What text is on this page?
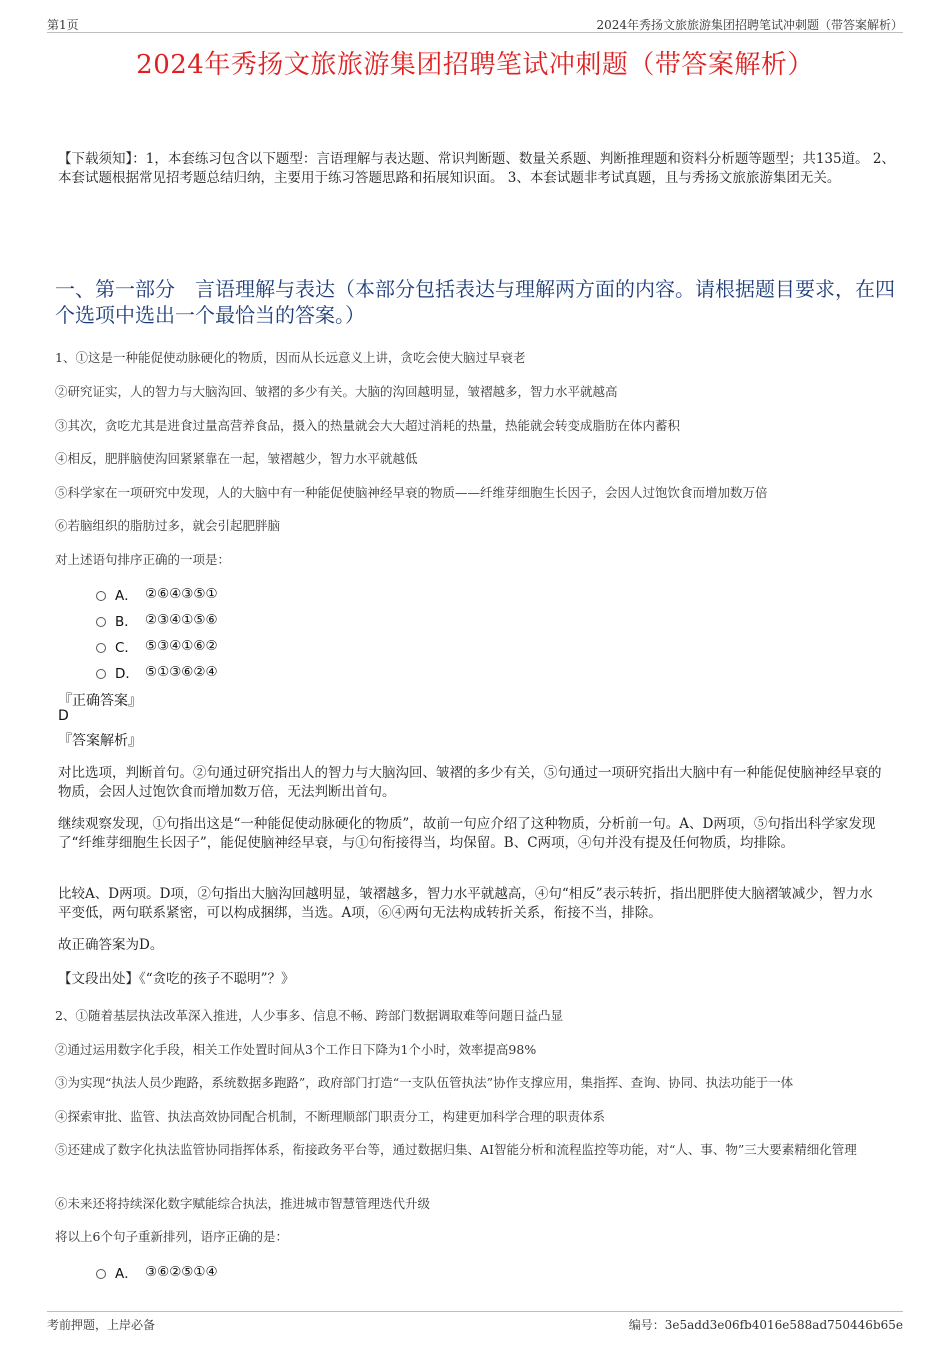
第1页	2024年秀扬文旅旅游集团招聘笔试冲刺题（带答案解析）
2024年秀扬文旅旅游集团招聘笔试冲刺题（带答案解析）
【下载须知】：1，本套练习包含以下题型：言语理解与表达题、常识判断题、数量关系题、判断推理题和资料分析题等题型；共135道。 2、本套试题根据常见招考题总结归纳，主要用于练习答题思路和拓展知识面。 3、本套试题非考试真题，且与秀扬文旅旅游集团无关。
一、第一部分　言语理解与表达（本部分包括表达与理解两方面的内容。请根据题目要求，在四个选项中选出一个最恰当的答案。）
1、①这是一种能促使动脉硬化的物质，因而从长远意义上讲，贪吃会使大脑过早衰老
②研究证实，人的智力与大脑沟回、皱褶的多少有关。大脑的沟回越明显，皱褶越多，智力水平就越高
③其次，贪吃尤其是进食过量高营养食品，摄入的热量就会大大超过消耗的热量，热能就会转变成脂肪在体内蓄积
④相反，肥胖脑使沟回紧紧靠在一起，皱褶越少，智力水平就越低
⑤科学家在一项研究中发现，人的大脑中有一种能促使脑神经早衰的物质——纤维芽细胞生长因子，会因人过饱饮食而增加数万倍
⑥若脑组织的脂肪过多，就会引起肥胖脑
对上述语句排序正确的一项是：
A． ②⑥④③⑤①
B． ②③④①⑤⑥
C． ⑤③④①⑥②
D． ⑤①③⑥②④
『正确答案』
D
『答案解析』
对比选项，判断首句。②句通过研究指出人的智力与大脑沟回、皱褶的多少有关，⑤句通过一项研究指出大脑中有一种能促使脑神经早衰的物质，会因人过饱饮食而增加数万倍，无法判断出首句。
继续观察发现，①句指出这是“一种能促使动脉硬化的物质”，故前一句应介绍了这种物质，分析前一句。A、D两项，⑤句指出科学家发现了“纤维芽细胞生长因子”，能促使脑神经早衰，与①句衔接得当，均保留。B、C两项，④句并没有提及任何物质，均排除。
比较A、D两项。D项，②句指出大脑沟回越明显，皱褶越多，智力水平就越高，④句“相反”表示转折，指出肥胖使大脑褶皱减少，智力水平变低，两句联系紧密，可以构成捆绑，当选。A项，⑥④两句无法构成转折关系，衔接不当，排除。
故正确答案为D。
【文段出处】《“贪吃的孩子不聪明”？》
2、①随着基层执法改革深入推进，人少事多、信息不畅、跨部门数据调取难等问题日益凸显
②通过运用数字化手段，相关工作处置时间从3个工作日下降为1个小时，效率提高98%
③为实现“执法人员少跑路，系统数据多跑路”，政府部门打造“一支队伍管执法”协作支撑应用，集指挥、查询、协同、执法功能于一体
④探索审批、监管、执法高效协同配合机制，不断理顺部门职责分工，构建更加科学合理的职责体系
⑤还建成了数字化执法监管协同指挥体系，衔接政务平台等，通过数据归集、AI智能分析和流程监控等功能，对“人、事、物”三大要素精细化管理
⑥未来还将持续深化数字赋能综合执法，推进城市智慧管理迭代升级
将以上6个句子重新排列，语序正确的是：
A． ③⑥②⑤①④
考前押题，上岸必备	编号：3e5add3e06fb4016e588ad750446b65e
